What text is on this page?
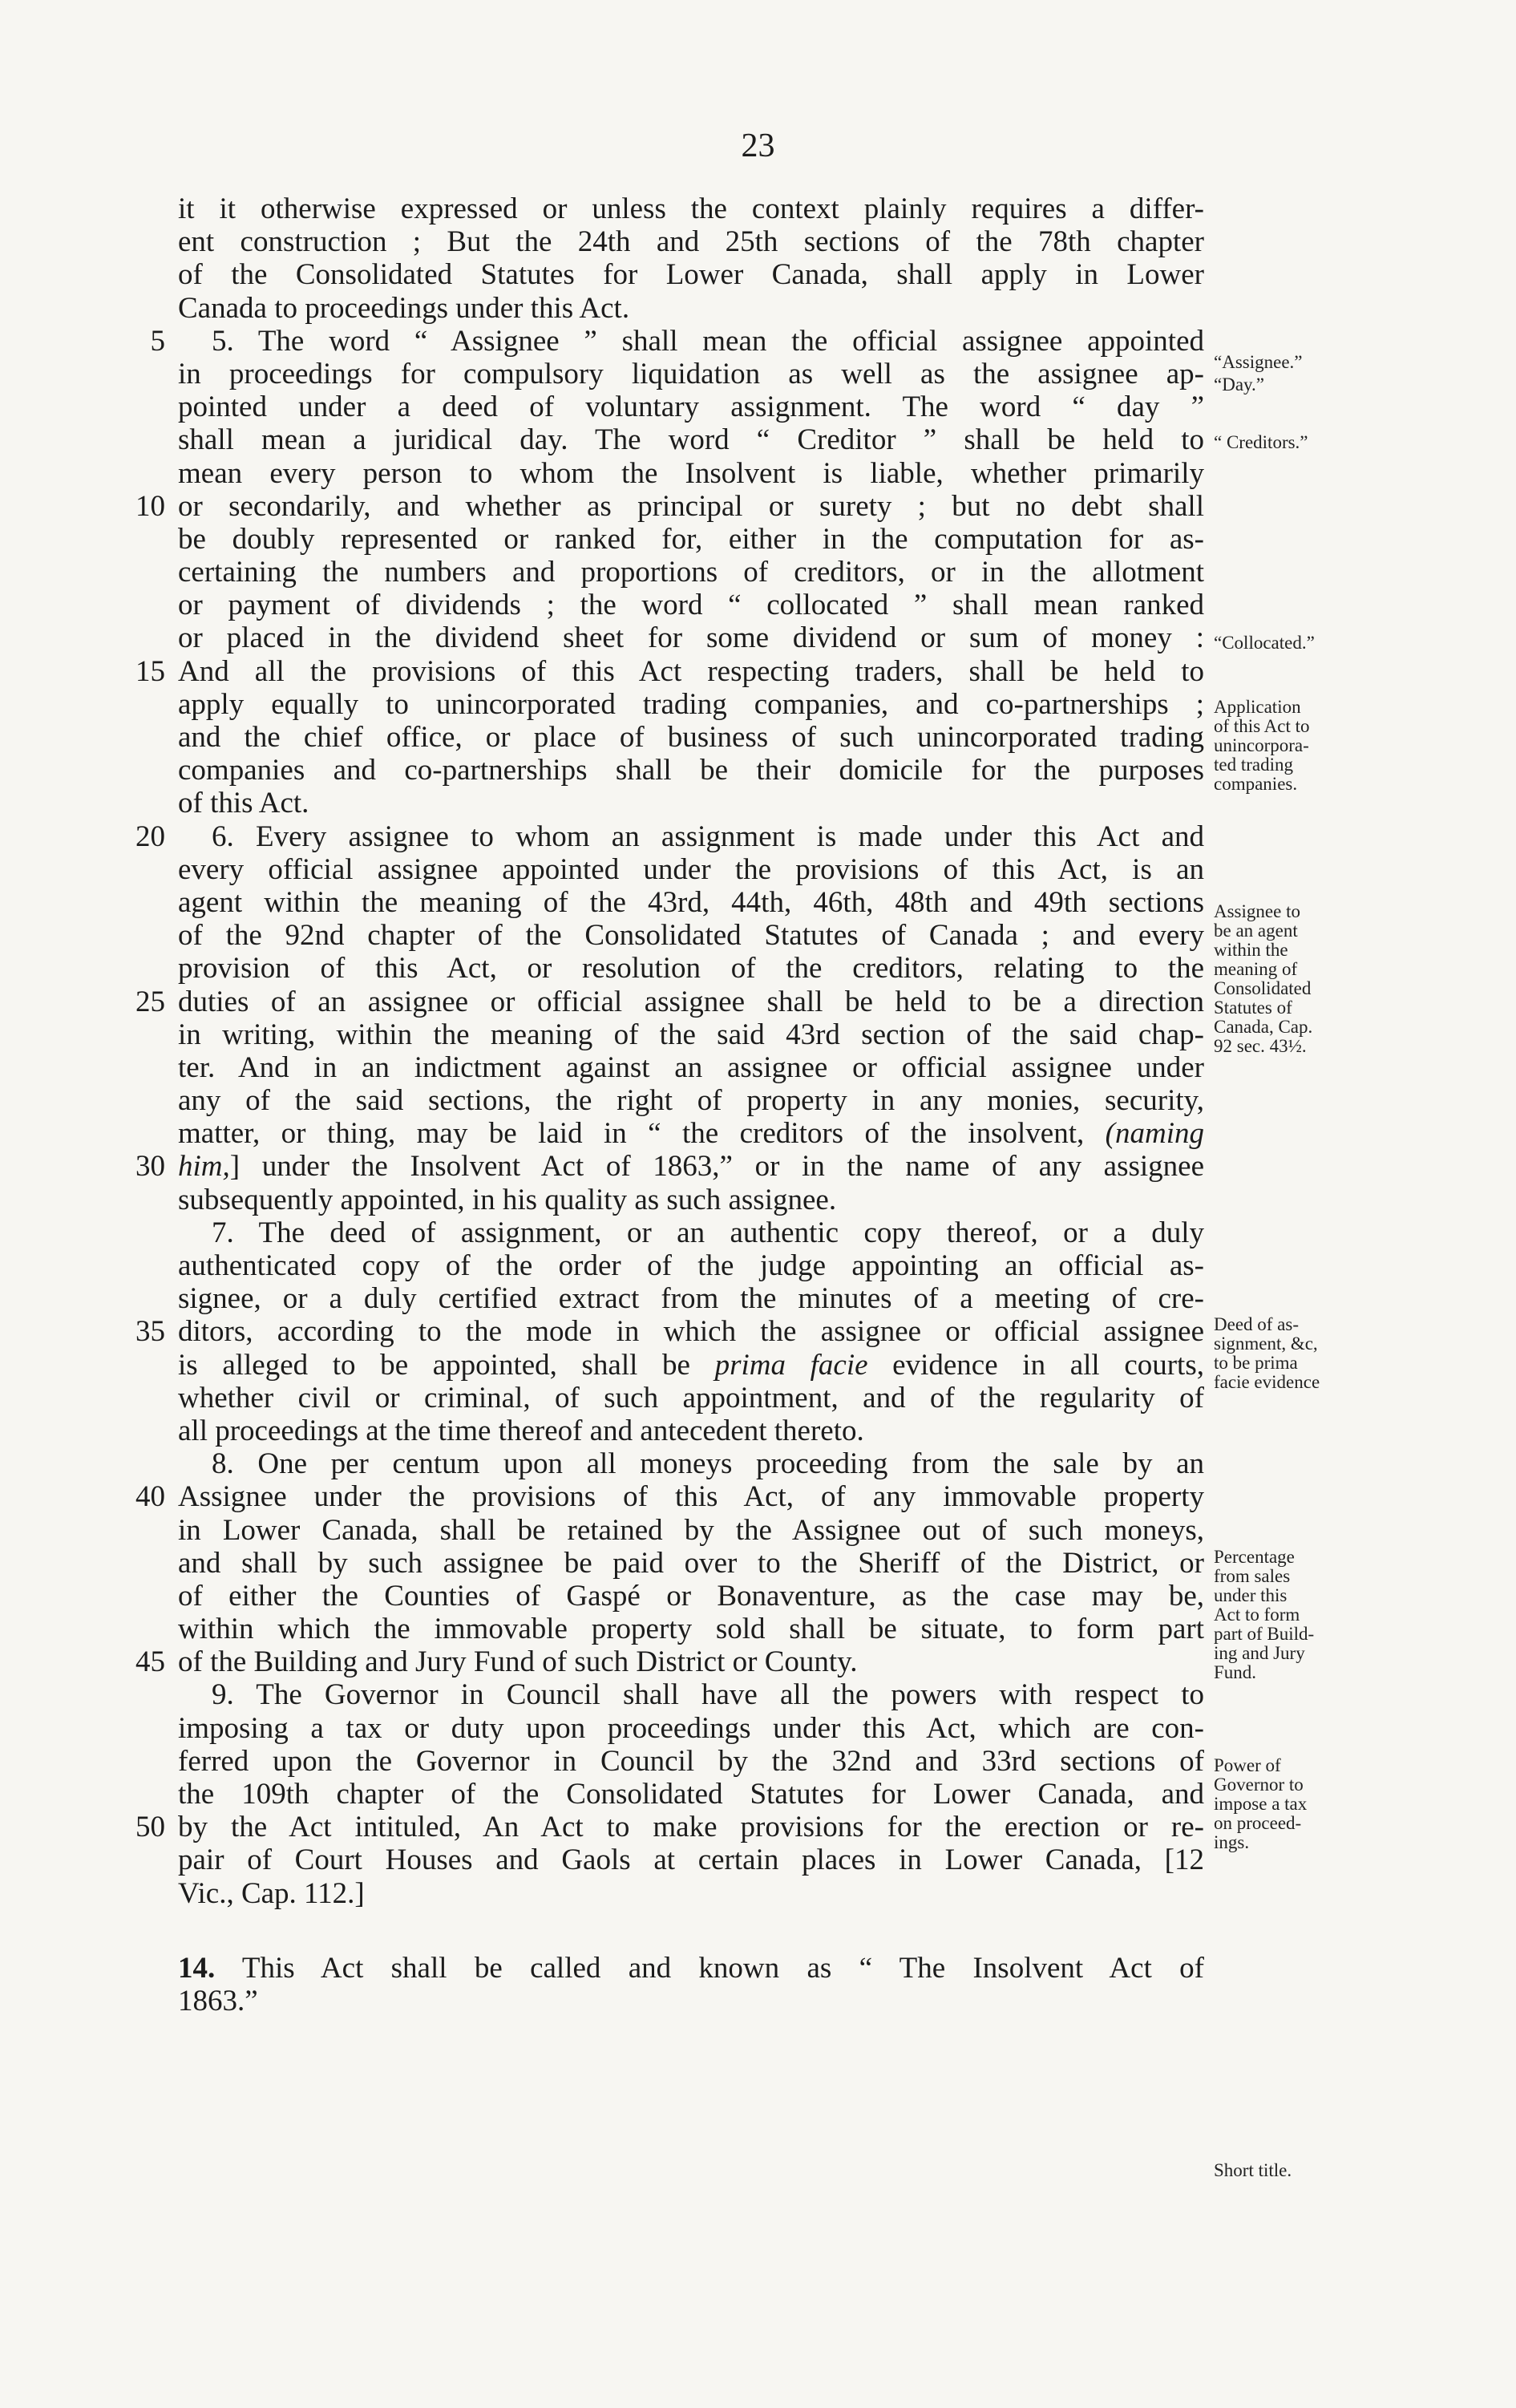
23
it it otherwise expressed or unless the context plainly requires a differ-
ent construction ; But the 24th and 25th sections of the 78th chapter
of the Consolidated Statutes for Lower Canada, shall apply in Lower
Canada to proceedings under this Act.
5 5. The word “ Assignee ” shall mean the official assignee appointed
in proceedings for compulsory liquidation as well as the assignee ap-
pointed under a deed of voluntary assignment. The word “ day ”
shall mean a juridical day. The word “ Creditor ” shall be held to
mean every person to whom the Insolvent is liable, whether primarily
10 or secondarily, and whether as principal or surety ; but no debt shall
be doubly represented or ranked for, either in the computation for as-
certaining the numbers and proportions of creditors, or in the allotment
or payment of dividends ; the word “ collocated ” shall mean ranked
or placed in the dividend sheet for some dividend or sum of money :
15 And all the provisions of this Act respecting traders, shall be held to
apply equally to unincorporated trading companies, and co-partnerships ;
and the chief office, or place of business of such unincorporated trading
companies and co-partnerships shall be their domicile for the purposes
of this Act.
20 6. Every assignee to whom an assignment is made under this Act and
every official assignee appointed under the provisions of this Act, is an
agent within the meaning of the 43rd, 44th, 46th, 48th and 49th sections
of the 92nd chapter of the Consolidated Statutes of Canada ; and every
provision of this Act, or resolution of the creditors, relating to the
25 duties of an assignee or official assignee shall be held to be a direction
in writing, within the meaning of the said 43rd section of the said chap-
ter. And in an indictment against an assignee or official assignee under
any of the said sections, the right of property in any monies, security,
matter, or thing, may be laid in “ the creditors of the insolvent, (naming
30 him,] under the Insolvent Act of 1863,” or in the name of any assignee
subsequently appointed, in his quality as such assignee.
7. The deed of assignment, or an authentic copy thereof, or a duly
authenticated copy of the order of the judge appointing an official as-
signee, or a duly certified extract from the minutes of a meeting of cre-
35 ditors, according to the mode in which the assignee or official assignee
is alleged to be appointed, shall be prima facie evidence in all courts,
whether civil or criminal, of such appointment, and of the regularity of
all proceedings at the time thereof and antecedent thereto.
8. One per centum upon all moneys proceeding from the sale by an
40 Assignee under the provisions of this Act, of any immovable property
in Lower Canada, shall be retained by the Assignee out of such moneys,
and shall by such assignee be paid over to the Sheriff of the District, or
of either the Counties of Gaspé or Bonaventure, as the case may be,
within which the immovable property sold shall be situate, to form part
45 of the Building and Jury Fund of such District or County.
9. The Governor in Council shall have all the powers with respect to
imposing a tax or duty upon proceedings under this Act, which are con-
ferred upon the Governor in Council by the 32nd and 33rd sections of
the 109th chapter of the Consolidated Statutes for Lower Canada, and
50 by the Act intituled, An Act to make provisions for the erection or re-
pair of Court Houses and Gaols at certain places in Lower Canada, [12
Vic., Cap. 112.]
14. This Act shall be called and known as “ The Insolvent Act of
1863.”
“Assignee.”
“Day.”
“ Creditors.”
“Collocated.”
Application
of this Act to
unincorpora-
ted trading
companies.
Assignee to
be an agent
within the
meaning of
Consolidated
Statutes of
Canada, Cap.
92 sec. 43½.
Deed of as-
signment, &c,
to be prima
facie evidence
Percentage
from sales
under this
Act to form
part of Build-
ing and Jury
Fund.
Power of
Governor to
impose a tax
on proceed-
ings.
Short title.
